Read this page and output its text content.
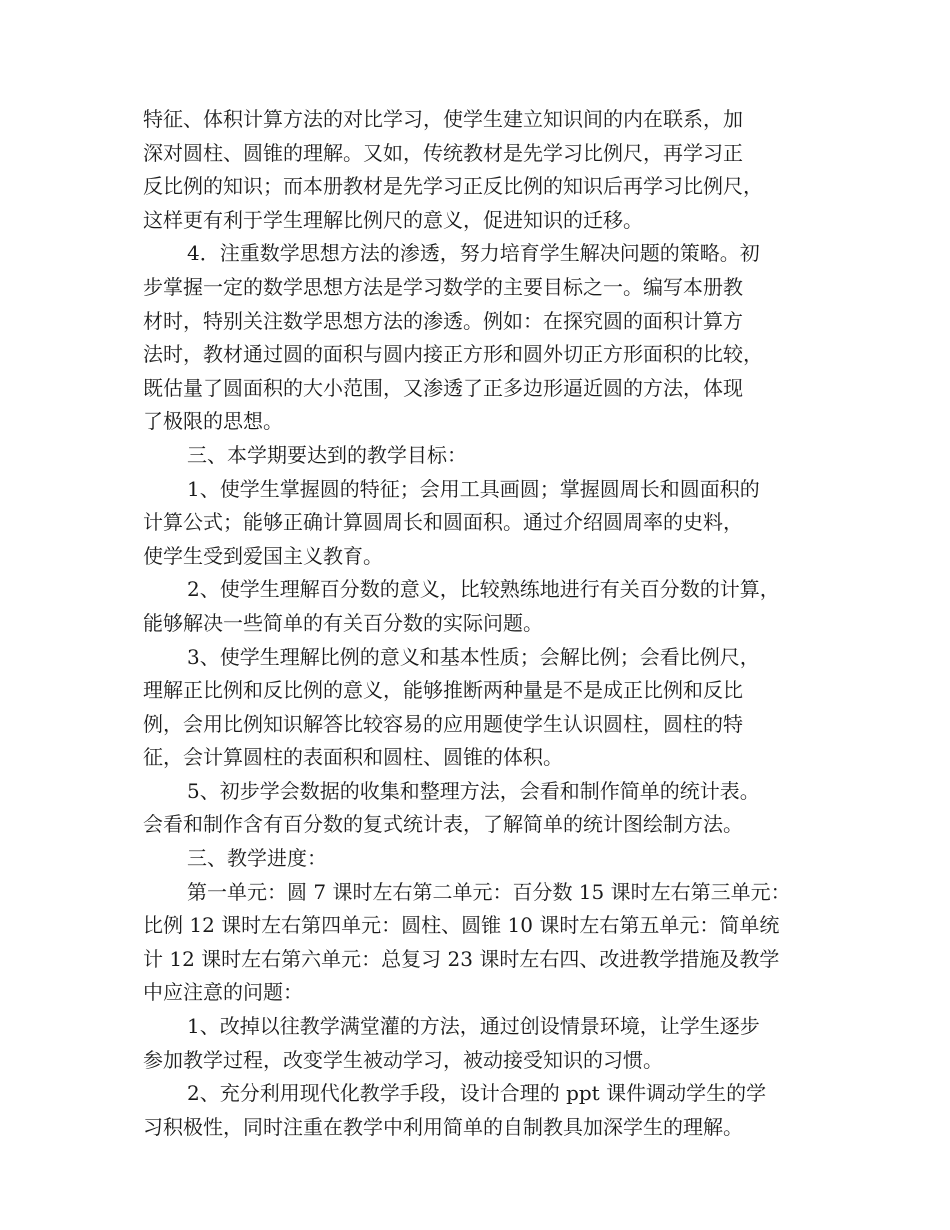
特征、体积计算方法的对比学习，使学生建立知识间的内在联系，加
深对圆柱、圆锥的理解。又如，传统教材是先学习比例尺，再学习正
反比例的知识；而本册教材是先学习正反比例的知识后再学习比例尺，
这样更有利于学生理解比例尺的意义，促进知识的迁移。
4．注重数学思想方法的渗透，努力培育学生解决问题的策略。初
步掌握一定的数学思想方法是学习数学的主要目标之一。编写本册教
材时，特别关注数学思想方法的渗透。例如：在探究圆的面积计算方
法时，教材通过圆的面积与圆内接正方形和圆外切正方形面积的比较，
既估量了圆面积的大小范围，又渗透了正多边形逼近圆的方法，体现
了极限的思想。
三、本学期要达到的教学目标：
1、使学生掌握圆的特征；会用工具画圆；掌握圆周长和圆面积的
计算公式；能够正确计算圆周长和圆面积。通过介绍圆周率的史料，
使学生受到爱国主义教育。
2、使学生理解百分数的意义，比较熟练地进行有关百分数的计算，
能够解决一些简单的有关百分数的实际问题。
3、使学生理解比例的意义和基本性质；会解比例；会看比例尺，
理解正比例和反比例的意义，能够推断两种量是不是成正比例和反比
例，会用比例知识解答比较容易的应用题使学生认识圆柱，圆柱的特
征，会计算圆柱的表面积和圆柱、圆锥的体积。
5、初步学会数据的收集和整理方法，会看和制作简单的统计表。
会看和制作含有百分数的复式统计表，了解简单的统计图绘制方法。
三、教学进度：
第一单元：圆 7 课时左右第二单元：百分数 15 课时左右第三单元：
比例 12 课时左右第四单元：圆柱、圆锥 10 课时左右第五单元：简单统
计 12 课时左右第六单元：总复习 23 课时左右四、改进教学措施及教学
中应注意的问题：
1、改掉以往教学满堂灌的方法，通过创设情景环境，让学生逐步
参加教学过程，改变学生被动学习，被动接受知识的习惯。
2、充分利用现代化教学手段，设计合理的 ppt 课件调动学生的学
习积极性，同时注重在教学中利用简单的自制教具加深学生的理解。
